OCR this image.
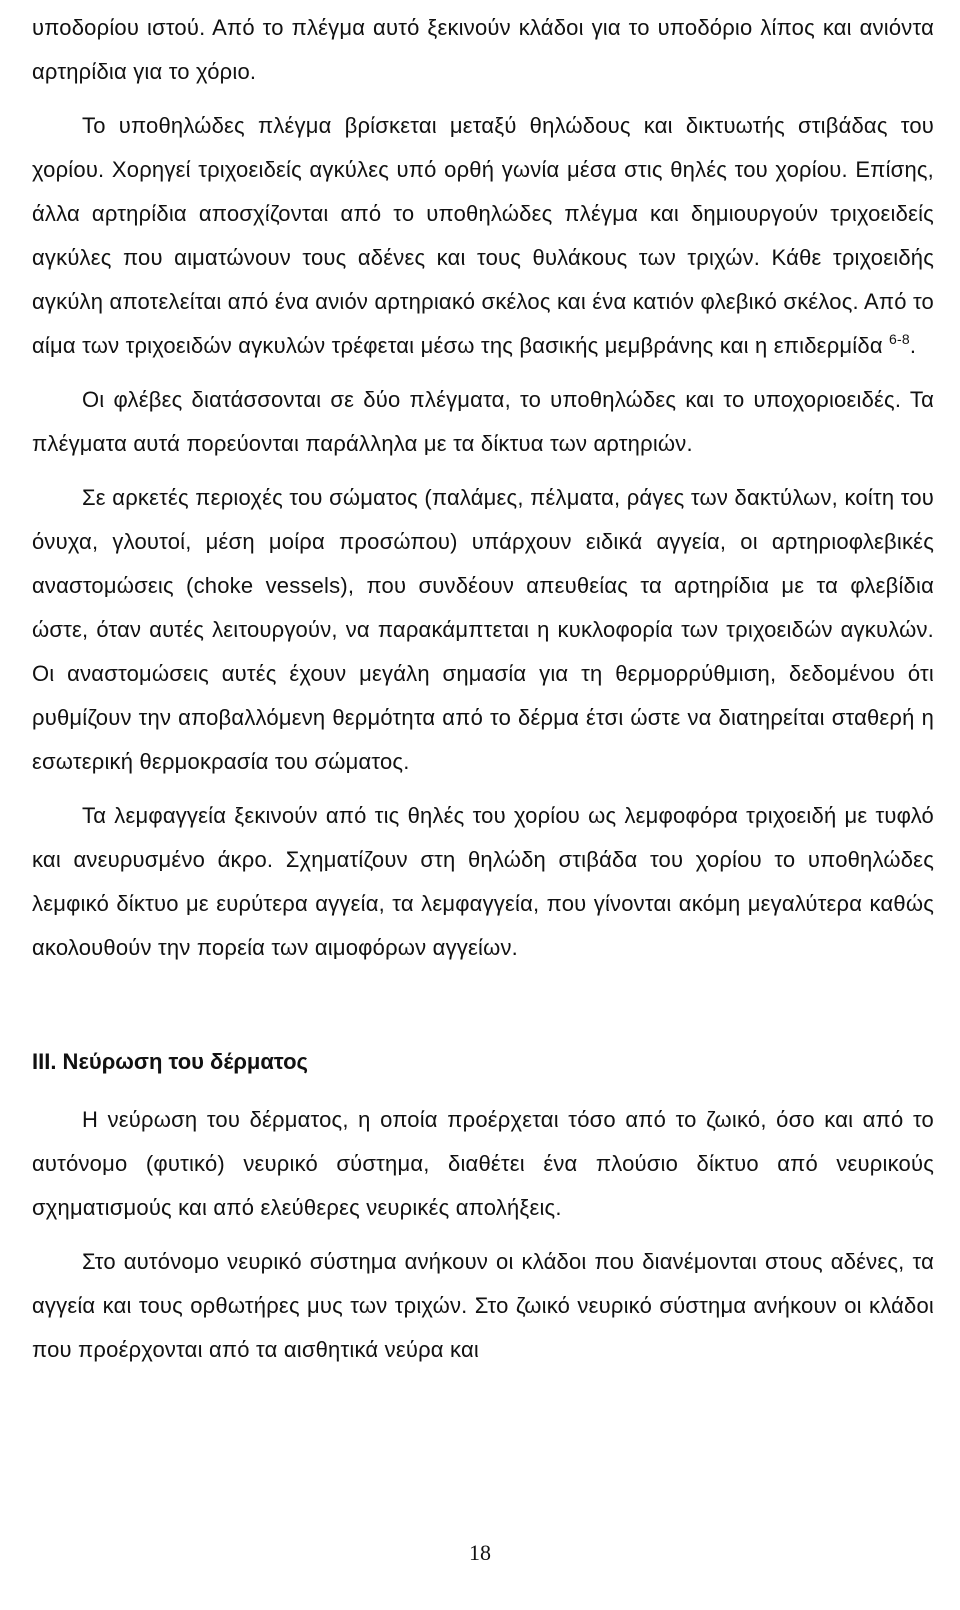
υποδορίου ιστού. Από το πλέγμα αυτό ξεκινούν κλάδοι για το υποδόριο λίπος και ανιόντα αρτηρίδια για το χόριο.

Το υποθηλώδες πλέγμα βρίσκεται μεταξύ θηλώδους και δικτυωτής στιβάδας του χορίου. Χορηγεί τριχοειδείς αγκύλες υπό ορθή γωνία μέσα στις θηλές του χορίου. Επίσης, άλλα αρτηρίδια αποσχίζονται από το υποθηλώδες πλέγμα και δημιουργούν τριχοειδείς αγκύλες που αιματώνουν τους αδένες και τους θυλάκους των τριχών. Κάθε τριχοειδής αγκύλη αποτελείται από ένα ανιόν αρτηριακό σκέλος και ένα κατιόν φλεβικό σκέλος. Από το αίμα των τριχοειδών αγκυλών τρέφεται μέσω της βασικής μεμβράνης και η επιδερμίδα $^{6-8}$.

Οι φλέβες διατάσσονται σε δύο πλέγματα, το υποθηλώδες και το υποχοριοειδές. Τα πλέγματα αυτά πορεύονται παράλληλα με τα δίκτυα των αρτηριών.

Σε αρκετές περιοχές του σώματος (παλάμες, πέλματα, ράγες των δακτύλων, κοίτη του όνυχα, γλουτοί, μέση μοίρα προσώπου) υπάρχουν ειδικά αγγεία, οι αρτηριοφλεβικές αναστομώσεις (choke vessels), που συνδέουν απευθείας τα αρτηρίδια με τα φλεβίδια ώστε, όταν αυτές λειτουργούν, να παρακάμπτεται η κυκλοφορία των τριχοειδών αγκυλών. Οι αναστομώσεις αυτές έχουν μεγάλη σημασία για τη θερμορρύθμιση, δεδομένου ότι ρυθμίζουν την αποβαλλόμενη θερμότητα από το δέρμα έτσι ώστε να διατηρείται σταθερή η εσωτερική θερμοκρασία του σώματος.

Τα λεμφαγγεία ξεκινούν από τις θηλές του χορίου ως λεμφοφόρα τριχοειδή με τυφλό και ανευρυσμένο άκρο. Σχηματίζουν στη θηλώδη στιβάδα του χορίου το υποθηλώδες λεμφικό δίκτυο με ευρύτερα αγγεία, τα λεμφαγγεία, που γίνονται ακόμη μεγαλύτερα καθώς ακολουθούν την πορεία των αιμοφόρων αγγείων.

III. Νεύρωση του δέρματος

Η νεύρωση του δέρματος, η οποία προέρχεται τόσο από το ζωικό, όσο και από το αυτόνομο (φυτικό) νευρικό σύστημα, διαθέτει ένα πλούσιο δίκτυο από νευρικούς σχηματισμούς και από ελεύθερες νευρικές απολήξεις.

Στο αυτόνομο νευρικό σύστημα ανήκουν οι κλάδοι που διανέμονται στους αδένες, τα αγγεία και τους ορθωτήρες μυς των τριχών. Στο ζωικό νευρικό σύστημα ανήκουν οι κλάδοι που προέρχονται από τα αισθητικά νεύρα και

18
